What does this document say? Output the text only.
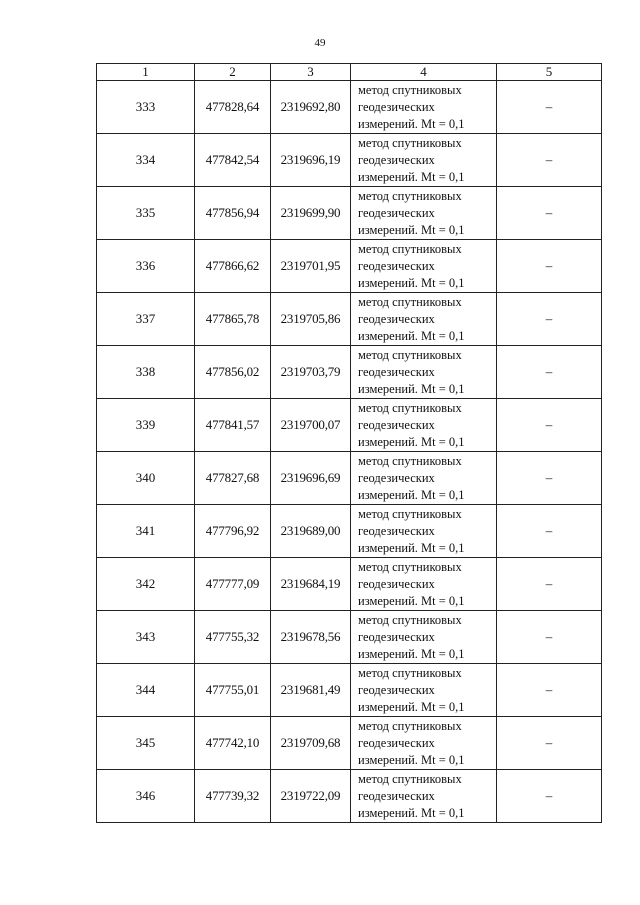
49
1	2	3	4	5
333	477828,64	2319692,80	метод спутниковых
геодезических
измерений. Mt = 0,1	–
334	477842,54	2319696,19	метод спутниковых
геодезических
измерений. Mt = 0,1	–
335	477856,94	2319699,90	метод спутниковых
геодезических
измерений. Mt = 0,1	–
336	477866,62	2319701,95	метод спутниковых
геодезических
измерений. Mt = 0,1	–
337	477865,78	2319705,86	метод спутниковых
геодезических
измерений. Mt = 0,1	–
338	477856,02	2319703,79	метод спутниковых
геодезических
измерений. Mt = 0,1	–
339	477841,57	2319700,07	метод спутниковых
геодезических
измерений. Mt = 0,1	–
340	477827,68	2319696,69	метод спутниковых
геодезических
измерений. Mt = 0,1	–
341	477796,92	2319689,00	метод спутниковых
геодезических
измерений. Mt = 0,1	–
342	477777,09	2319684,19	метод спутниковых
геодезических
измерений. Mt = 0,1	–
343	477755,32	2319678,56	метод спутниковых
геодезических
измерений. Mt = 0,1	–
344	477755,01	2319681,49	метод спутниковых
геодезических
измерений. Mt = 0,1	–
345	477742,10	2319709,68	метод спутниковых
геодезических
измерений. Mt = 0,1	–
346	477739,32	2319722,09	метод спутниковых
геодезических
измерений. Mt = 0,1	–
